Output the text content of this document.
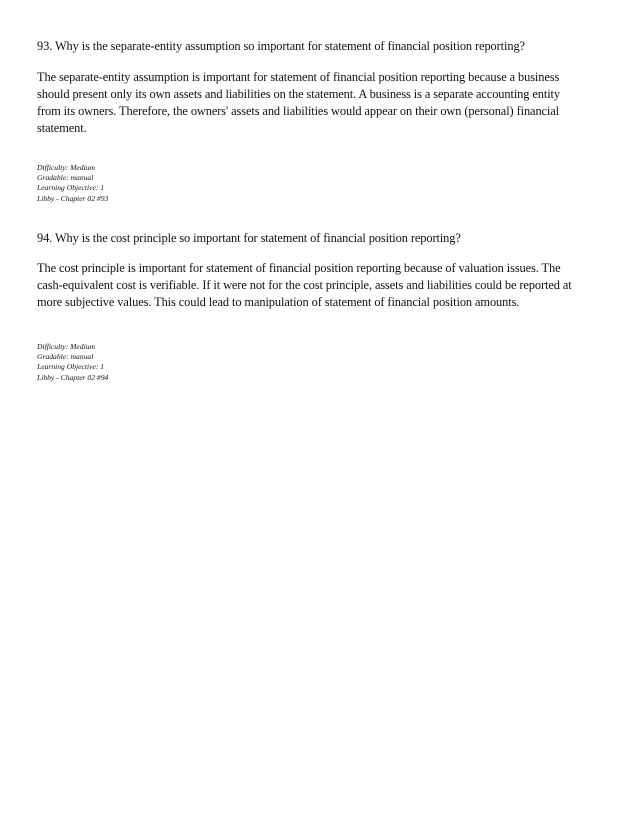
93. Why is the separate-entity assumption so important for statement of financial position reporting?

The separate-entity assumption is important for statement of financial position reporting because a business
should present only its own assets and liabilities on the statement. A business is a separate accounting entity
from its owners. Therefore, the owners' assets and liabilities would appear on their own (personal) financial
statement.
Difficulty: Medium
Gradable: manual
Learning Objective: 1
Libby - Chapter 02 #93

94. Why is the cost principle so important for statement of financial position reporting?

The cost principle is important for statement of financial position reporting because of valuation issues. The
cash-equivalent cost is verifiable. If it were not for the cost principle, assets and liabilities could be reported at
more subjective values. This could lead to manipulation of statement of financial position amounts.
Difficulty: Medium
Gradable: manual
Learning Objective: 1
Libby - Chapter 02 #94
